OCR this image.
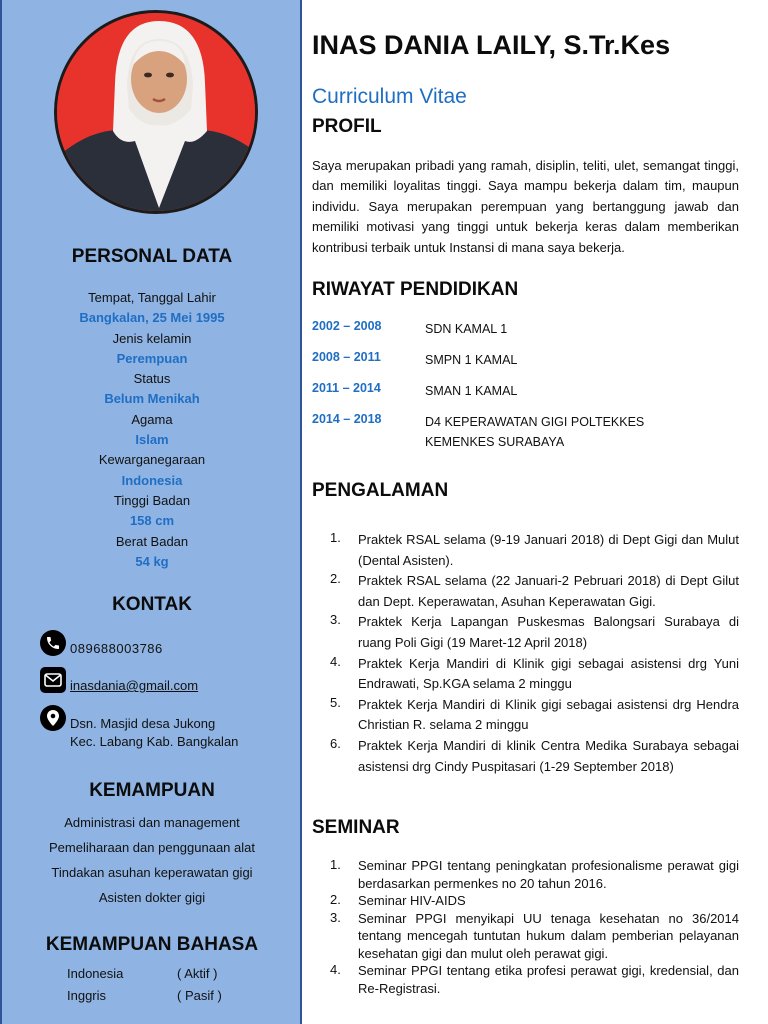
PERSONAL DATA
Tempat, Tanggal Lahir
Bangkalan, 25 Mei 1995
Jenis kelamin
Perempuan
Status
Belum Menikah
Agama
Islam
Kewarganegaraan
Indonesia
Tinggi Badan
158 cm
Berat Badan
54 kg
KONTAK
089688003786
inasdania@gmail.com
Dsn. Masjid desa Jukong
Kec. Labang Kab. Bangkalan
KEMAMPUAN
Administrasi dan management
Pemeliharaan dan penggunaan alat
Tindakan asuhan keperawatan gigi
Asisten dokter gigi
KEMAMPUAN BAHASA
Indonesia	( Aktif )
Inggris	( Pasif )
INAS DANIA LAILY, S.Tr.Kes
Curriculum Vitae
PROFIL
Saya merupakan pribadi yang ramah, disiplin, teliti, ulet, semangat tinggi, dan memiliki loyalitas tinggi. Saya mampu bekerja dalam tim, maupun individu. Saya merupakan perempuan yang bertanggung jawab dan memiliki motivasi yang tinggi untuk bekerja keras dalam memberikan kontribusi terbaik untuk Instansi di mana saya bekerja.
RIWAYAT PENDIDIKAN
2002 – 2008	SDN KAMAL 1
2008 – 2011	SMPN 1 KAMAL
2011 – 2014	SMAN 1 KAMAL
2014 – 2018	D4 KEPERAWATAN GIGI POLTEKKES KEMENKES SURABAYA
PENGALAMAN
1.	Praktek RSAL selama (9-19 Januari 2018) di Dept Gigi dan Mulut (Dental Asisten).
2.	Praktek RSAL selama (22 Januari-2 Pebruari 2018) di Dept Gilut dan Dept. Keperawatan, Asuhan Keperawatan Gigi.
3.	Praktek Kerja Lapangan Puskesmas Balongsari Surabaya di ruang Poli Gigi (19 Maret-12 April 2018)
4.	Praktek Kerja Mandiri di Klinik gigi sebagai asistensi drg Yuni Endrawati, Sp.KGA selama 2 minggu
5.	Praktek Kerja Mandiri di Klinik gigi sebagai asistensi drg Hendra Christian R. selama 2 minggu
6.	Praktek Kerja Mandiri di klinik Centra Medika Surabaya sebagai asistensi drg Cindy Puspitasari (1-29 September 2018)
SEMINAR
1.	Seminar PPGI tentang peningkatan profesionalisme perawat gigi berdasarkan permenkes no 20 tahun 2016.
2.	Seminar HIV-AIDS
3.	Seminar PPGI menyikapi UU tenaga kesehatan no 36/2014 tentang mencegah tuntutan hukum dalam pemberian pelayanan kesehatan gigi dan mulut oleh perawat gigi.
4.	Seminar PPGI tentang etika profesi perawat gigi, kredensial, dan Re-Registrasi.
